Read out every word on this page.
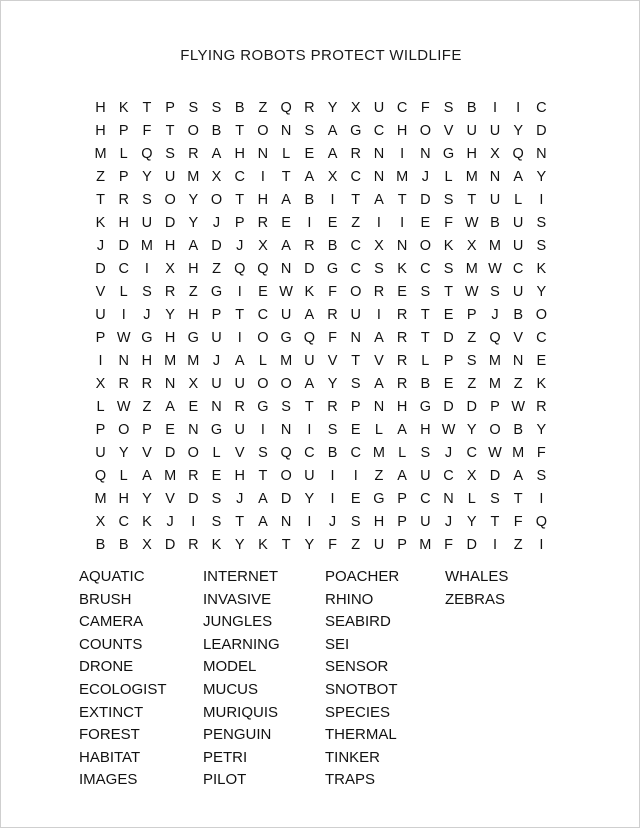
FLYING ROBOTS PROTECT WILDLIFE
H K T P S S B Z Q R Y X U C F S B	I	I	C
H P F T O B T O N S A G C H O V U U Y D
M L Q S R A H N L E A R N	I	N G H X Q N
Z P Y U M X C	I	T A X C N M J	L M N A Y
T R S O Y O T H A B	I	T A T D S T U L	I
K H U D Y	J	P R E	I	E Z	I	I	E F W B U S
J D M H A D J	X A R B C X N O K X M U S
D C	I	X H Z Q Q N D G C S K C S M W C K
V L S R Z G	I	E W K F O R E S T W S U Y
U	I	J	Y H P T C U A R U	I	R T E P	J	B O
P W G H G U	I	O G Q F N A R T D Z Q V C
I	N H M M J	A L M U V T V R L P S M N E
X R R N X U U O O A Y S A R B E Z M Z K
L W Z A E N R G S T R P N H G D D P W R
P O P E N G U	I	N	I	S E L A H W Y O B Y
U Y V D O L V S Q C B C M L S	J C W M F
Q L A M R E H T O U	I	I	Z A U C X D A S
M H Y V D S	J	A D Y	I	E G P C N L S T	I
X C K	J	I	S T A N	I	J	S H P U J	Y T F Q
B B X D R K Y K T Y F Z U P M F D	I	Z	I
AQUATIC
BRUSH
CAMERA
COUNTS
DRONE
ECOLOGIST
EXTINCT
FOREST
HABITAT
IMAGES
INTERNET
INVASIVE
JUNGLES
LEARNING
MODEL
MUCUS
MURIQUIS
PENGUIN
PETRI
PILOT
POACHER
RHINO
SEABIRD
SEI
SENSOR
SNOTBOT
SPECIES
THERMAL
TINKER
TRAPS
WHALES
ZEBRAS
